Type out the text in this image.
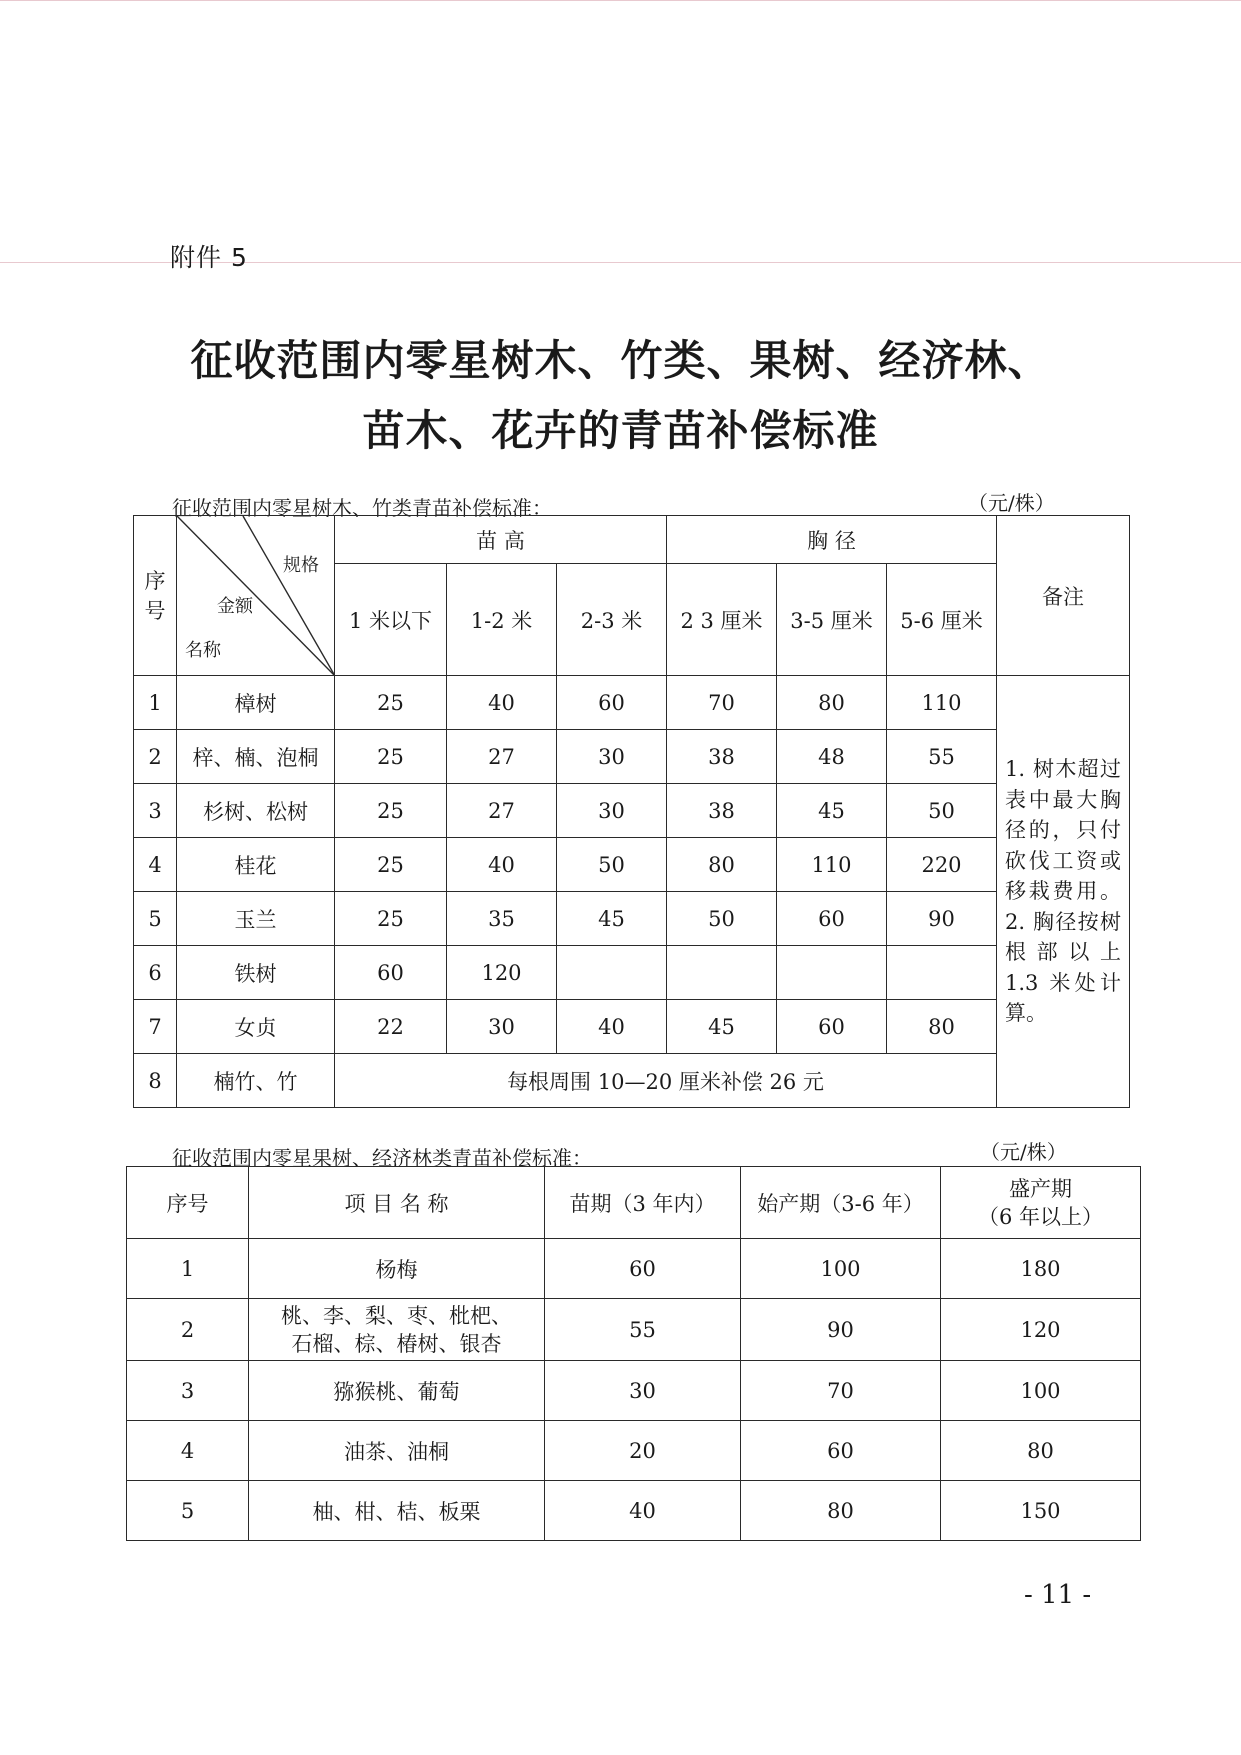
附件 5
征收范围内零星树木、竹类、果树、经济林、
苗木、花卉的青苗补偿标准
征收范围内零星树木、竹类青苗补偿标准：	（元/株）
序号	规格
金额
名称	苗 高			胸 径			备注
		1 米以下	1-2 米	2-3 米	2 3 厘米	3-5 厘米	5-6 厘米	
1	樟树	25	40	60	70	80	110	1. 树木超过表中最大胸径的，只付砍伐工资或移栽费用。2. 胸径按树根部以上 1.3 米处计算。
2	梓、楠、泡桐	25	27	30	38	48	55	
3	杉树、松树	25	27	30	38	45	50	
4	桂花	25	40	50	80	110	220	
5	玉兰	25	35	45	50	60	90	
6	铁树	60	120					
7	女贞	22	30	40	45	60	80	
8	楠竹、竹	每根周围 10—20 厘米补偿 26 元						
征收范围内零星果树、经济林类青苗补偿标准：	（元/株）
序号	项 目 名 称	苗期（3 年内）	始产期（3-6 年）	盛产期
（6 年以上）

1	杨梅	60	100	180
2	桃、李、梨、枣、枇杷、
石榴、棕、椿树、银杏	55	90	120
3	猕猴桃、葡萄	30	70	100
4	油茶、油桐	20	60	80
5	柚、柑、桔、板栗	40	80	150
- 11 -
